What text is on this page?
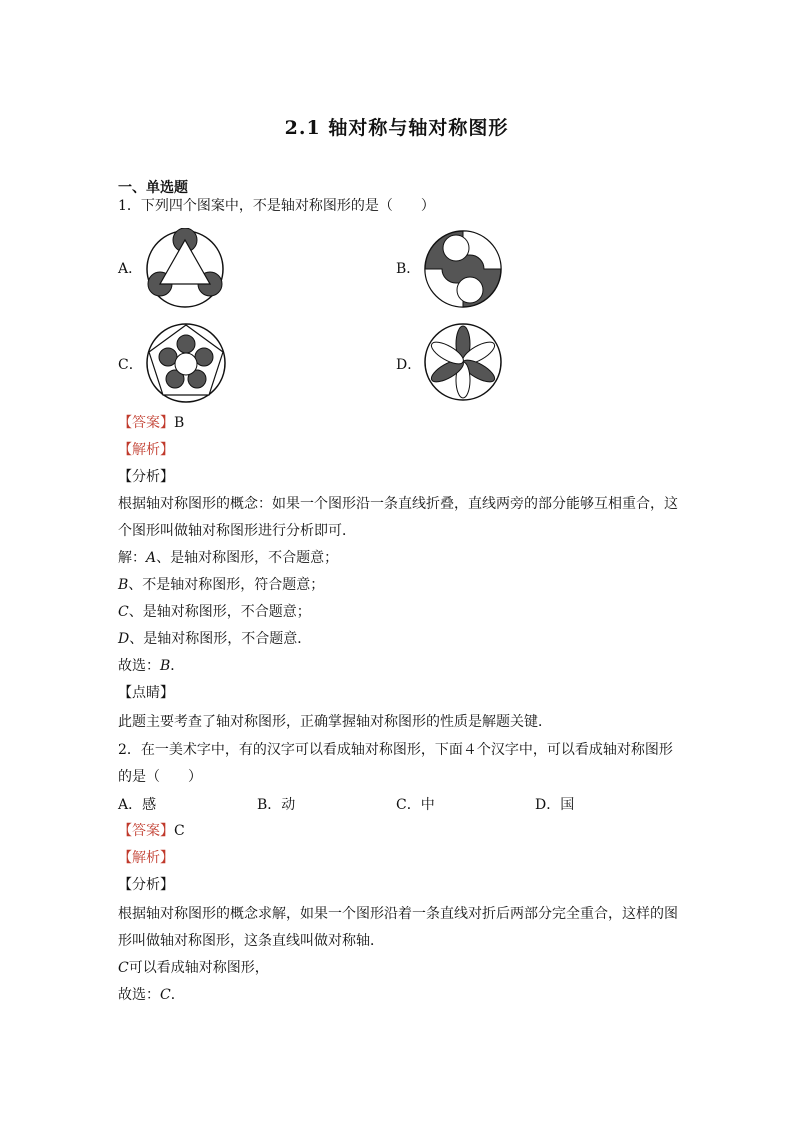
2.1 轴对称与轴对称图形
一、单选题
1．下列四个图案中，不是轴对称图形的是（　　）
A．	B．
C．	D．
【答案】B
【解析】
【分析】
根据轴对称图形的概念：如果一个图形沿一条直线折叠，直线两旁的部分能够互相重合，这
个图形叫做轴对称图形进行分析即可．
解：A、是轴对称图形，不合题意；
B、不是轴对称图形，符合题意；
C、是轴对称图形，不合题意；
D、是轴对称图形，不合题意．
故选：B．
【点睛】
此题主要考查了轴对称图形，正确掌握轴对称图形的性质是解题关键．
2．在一美术字中，有的汉字可以看成轴对称图形，下面４个汉字中，可以看成轴对称图形
的是（　　）
A．感	B．动	C．中	D．国
【答案】C
【解析】
【分析】
根据轴对称图形的概念求解，如果一个图形沿着一条直线对折后两部分完全重合，这样的图
形叫做轴对称图形，这条直线叫做对称轴．
C可以看成轴对称图形，
故选：C．
